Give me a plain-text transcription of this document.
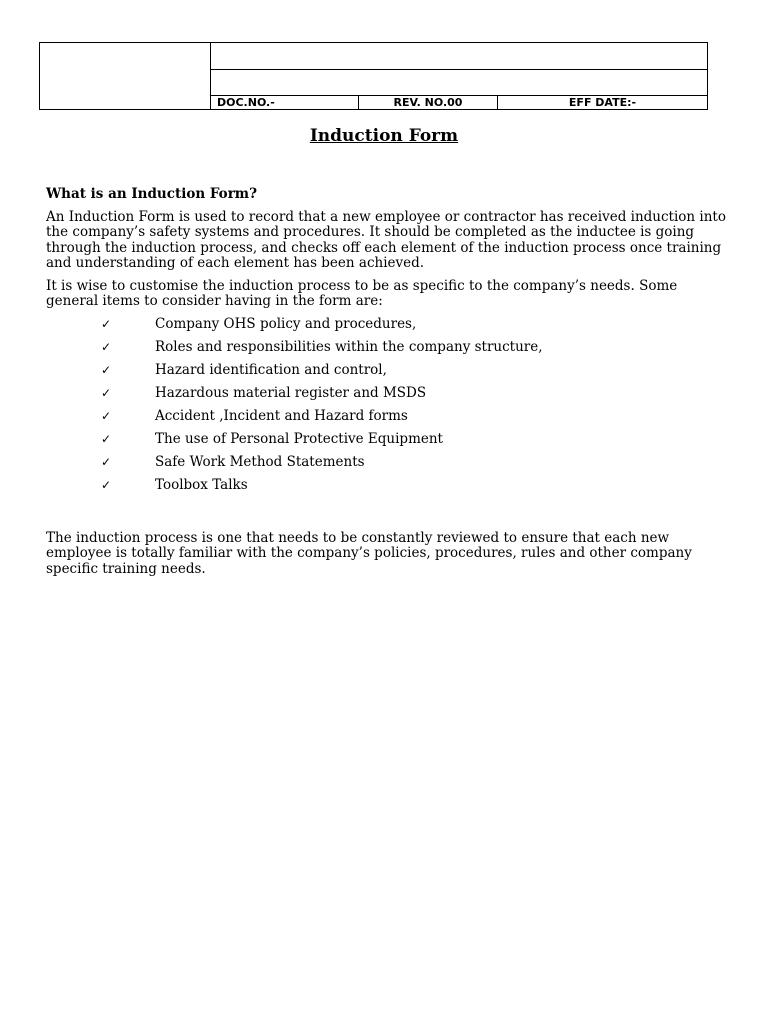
DOC.NO.-	REV. NO.00	EFF DATE:-
Induction Form

What is an Induction Form?

An Induction Form is used to record that a new employee or contractor has received induction into the company’s safety systems and procedures. It should be completed as the inductee is going through the induction process, and checks off each element of the induction process once training and understanding of each element has been achieved.

It is wise to customise the induction process to be as specific to the company’s needs. Some general items to consider having in the form are:

✓	Company OHS policy and procedures,
✓	Roles and responsibilities within the company structure,
✓	Hazard identification and control,
✓	Hazardous material register and MSDS
✓	Accident ,Incident and Hazard forms
✓	The use of Personal Protective Equipment
✓	Safe Work Method Statements
✓	Toolbox Talks

The induction process is one that needs to be constantly reviewed to ensure that each new employee is totally familiar with the company’s policies, procedures, rules and other company specific training needs.
